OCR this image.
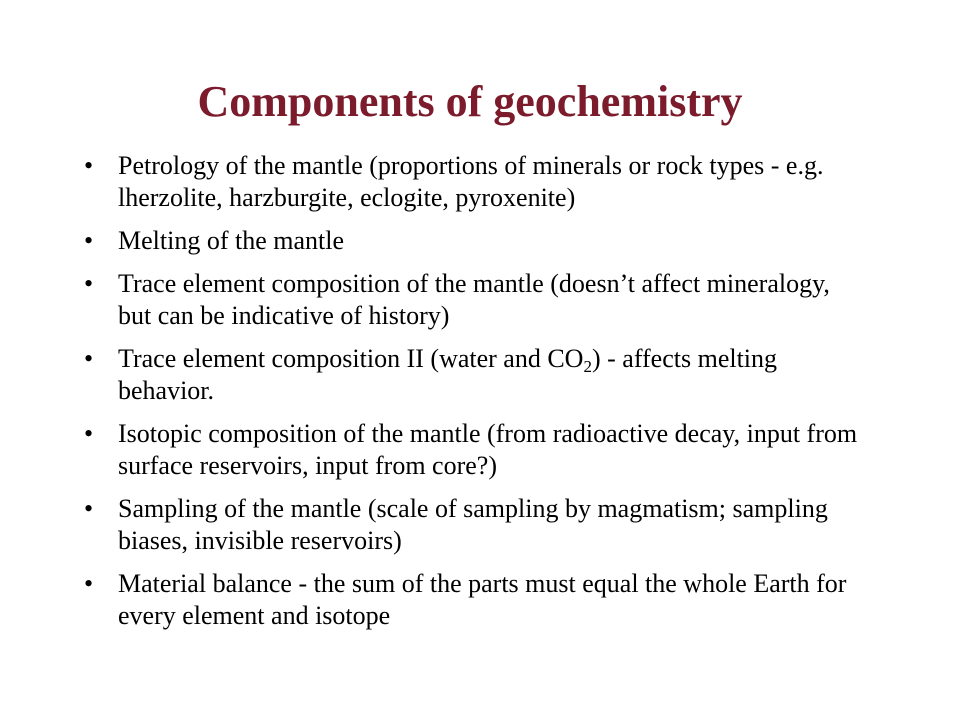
Components of geochemistry
• Petrology of the mantle (proportions of minerals or rock types - e.g. lherzolite, harzburgite, eclogite, pyroxenite)
• Melting of the mantle
• Trace element composition of the mantle (doesn’t affect mineralogy, but can be indicative of history)
• Trace element composition II (water and $CO_2$) - affects melting behavior.
• Isotopic composition of the mantle (from radioactive decay, input from surface reservoirs, input from core?)
• Sampling of the mantle (scale of sampling by magmatism; sampling biases, invisible reservoirs)
• Material balance - the sum of the parts must equal the whole Earth for every element and isotope
